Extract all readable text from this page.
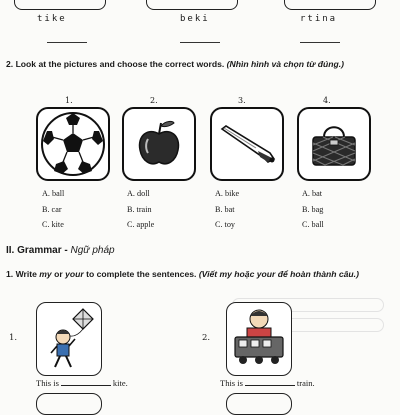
tike	beki	rtina
2. Look at the pictures and choose the correct words. (Nhìn hình và chọn từ đúng.)
1.	2.	3.	4.
A. ball
B. car
C. kite
A. doll
B. train
C. apple
A. bike
B. bat
C. toy
A. bat
B. bag
C. ball
II. Grammar - Ngữ pháp
1. Write my or your to complete the sentences. (Viết my hoặc your để hoàn thành câu.)
1.
This is	kite.
2.
This is	train.
